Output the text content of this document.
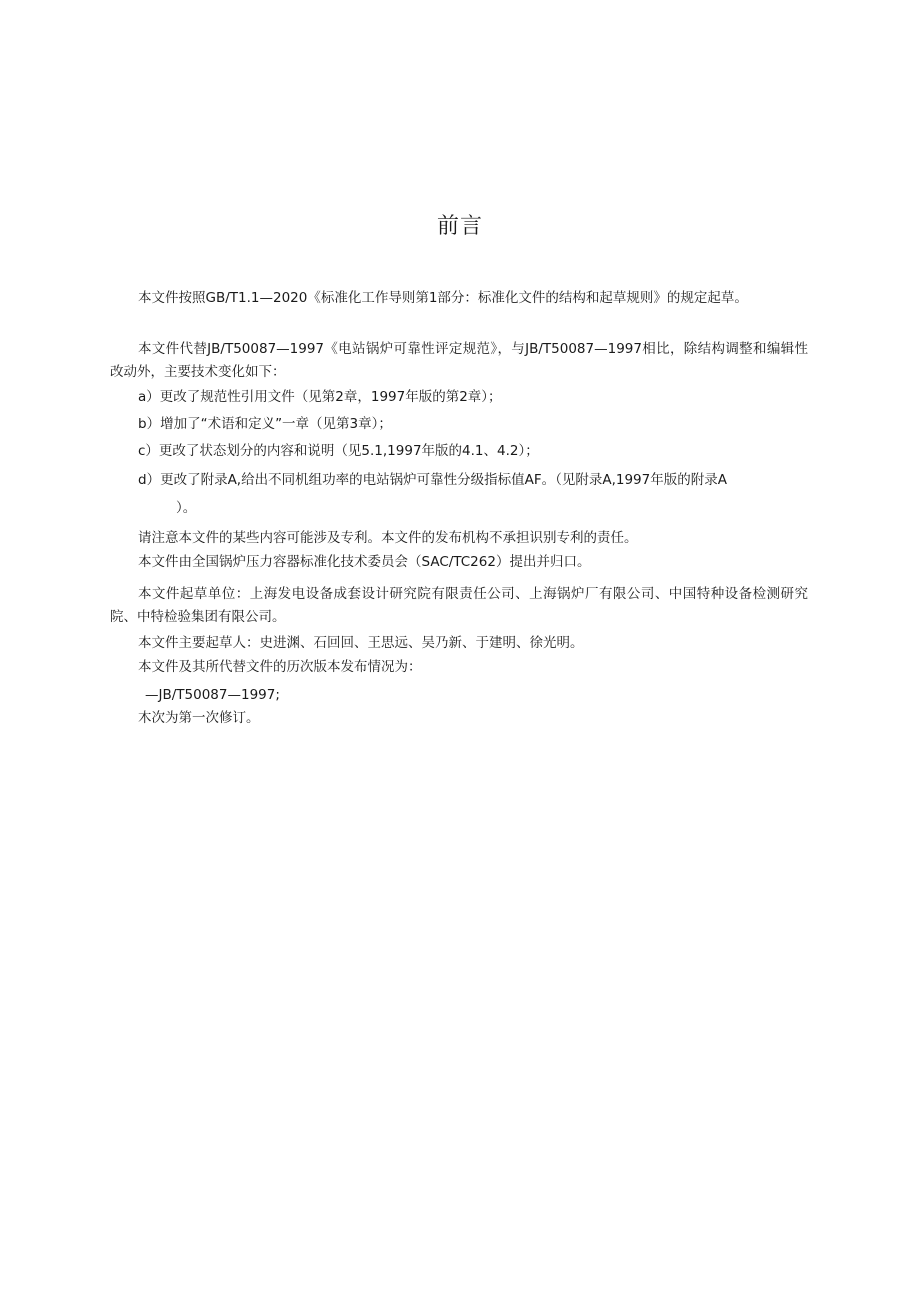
前言

本文件按照GB/T1.1—2020《标准化工作导则第1部分：标准化文件的结构和起草规则》的规定起草。

本文件代替JB/T50087—1997《电站锅炉可靠性评定规范》，与JB/T50087—1997相比，除结构调整和编辑性改动外，主要技术变化如下：

a）更改了规范性引用文件（见第2章，1997年版的第2章）；

b）增加了“术语和定义”一章（见第3章）；

c）更改了状态划分的内容和说明（见5.1,1997年版的4.1、4.2）；

d）更改了附录A,给出不同机组功率的电站锅炉可靠性分级指标值AF。（见附录A,1997年版的附录A

）。

请注意本文件的某些内容可能涉及专利。本文件的发布机构不承担识别专利的责任。

本文件由全国锅炉压力容器标准化技术委员会（SAC/TC262）提出并归口。

本文件起草单位：上海发电设备成套设计研究院有限责任公司、上海锅炉厂有限公司、中国特种设备检测研究院、中特检验集团有限公司。

本文件主要起草人：史进渊、石回回、王思远、吴乃新、于建明、徐光明。

本文件及其所代替文件的历次版本发布情况为：

—JB/T50087—1997;

木次为第一次修订。
